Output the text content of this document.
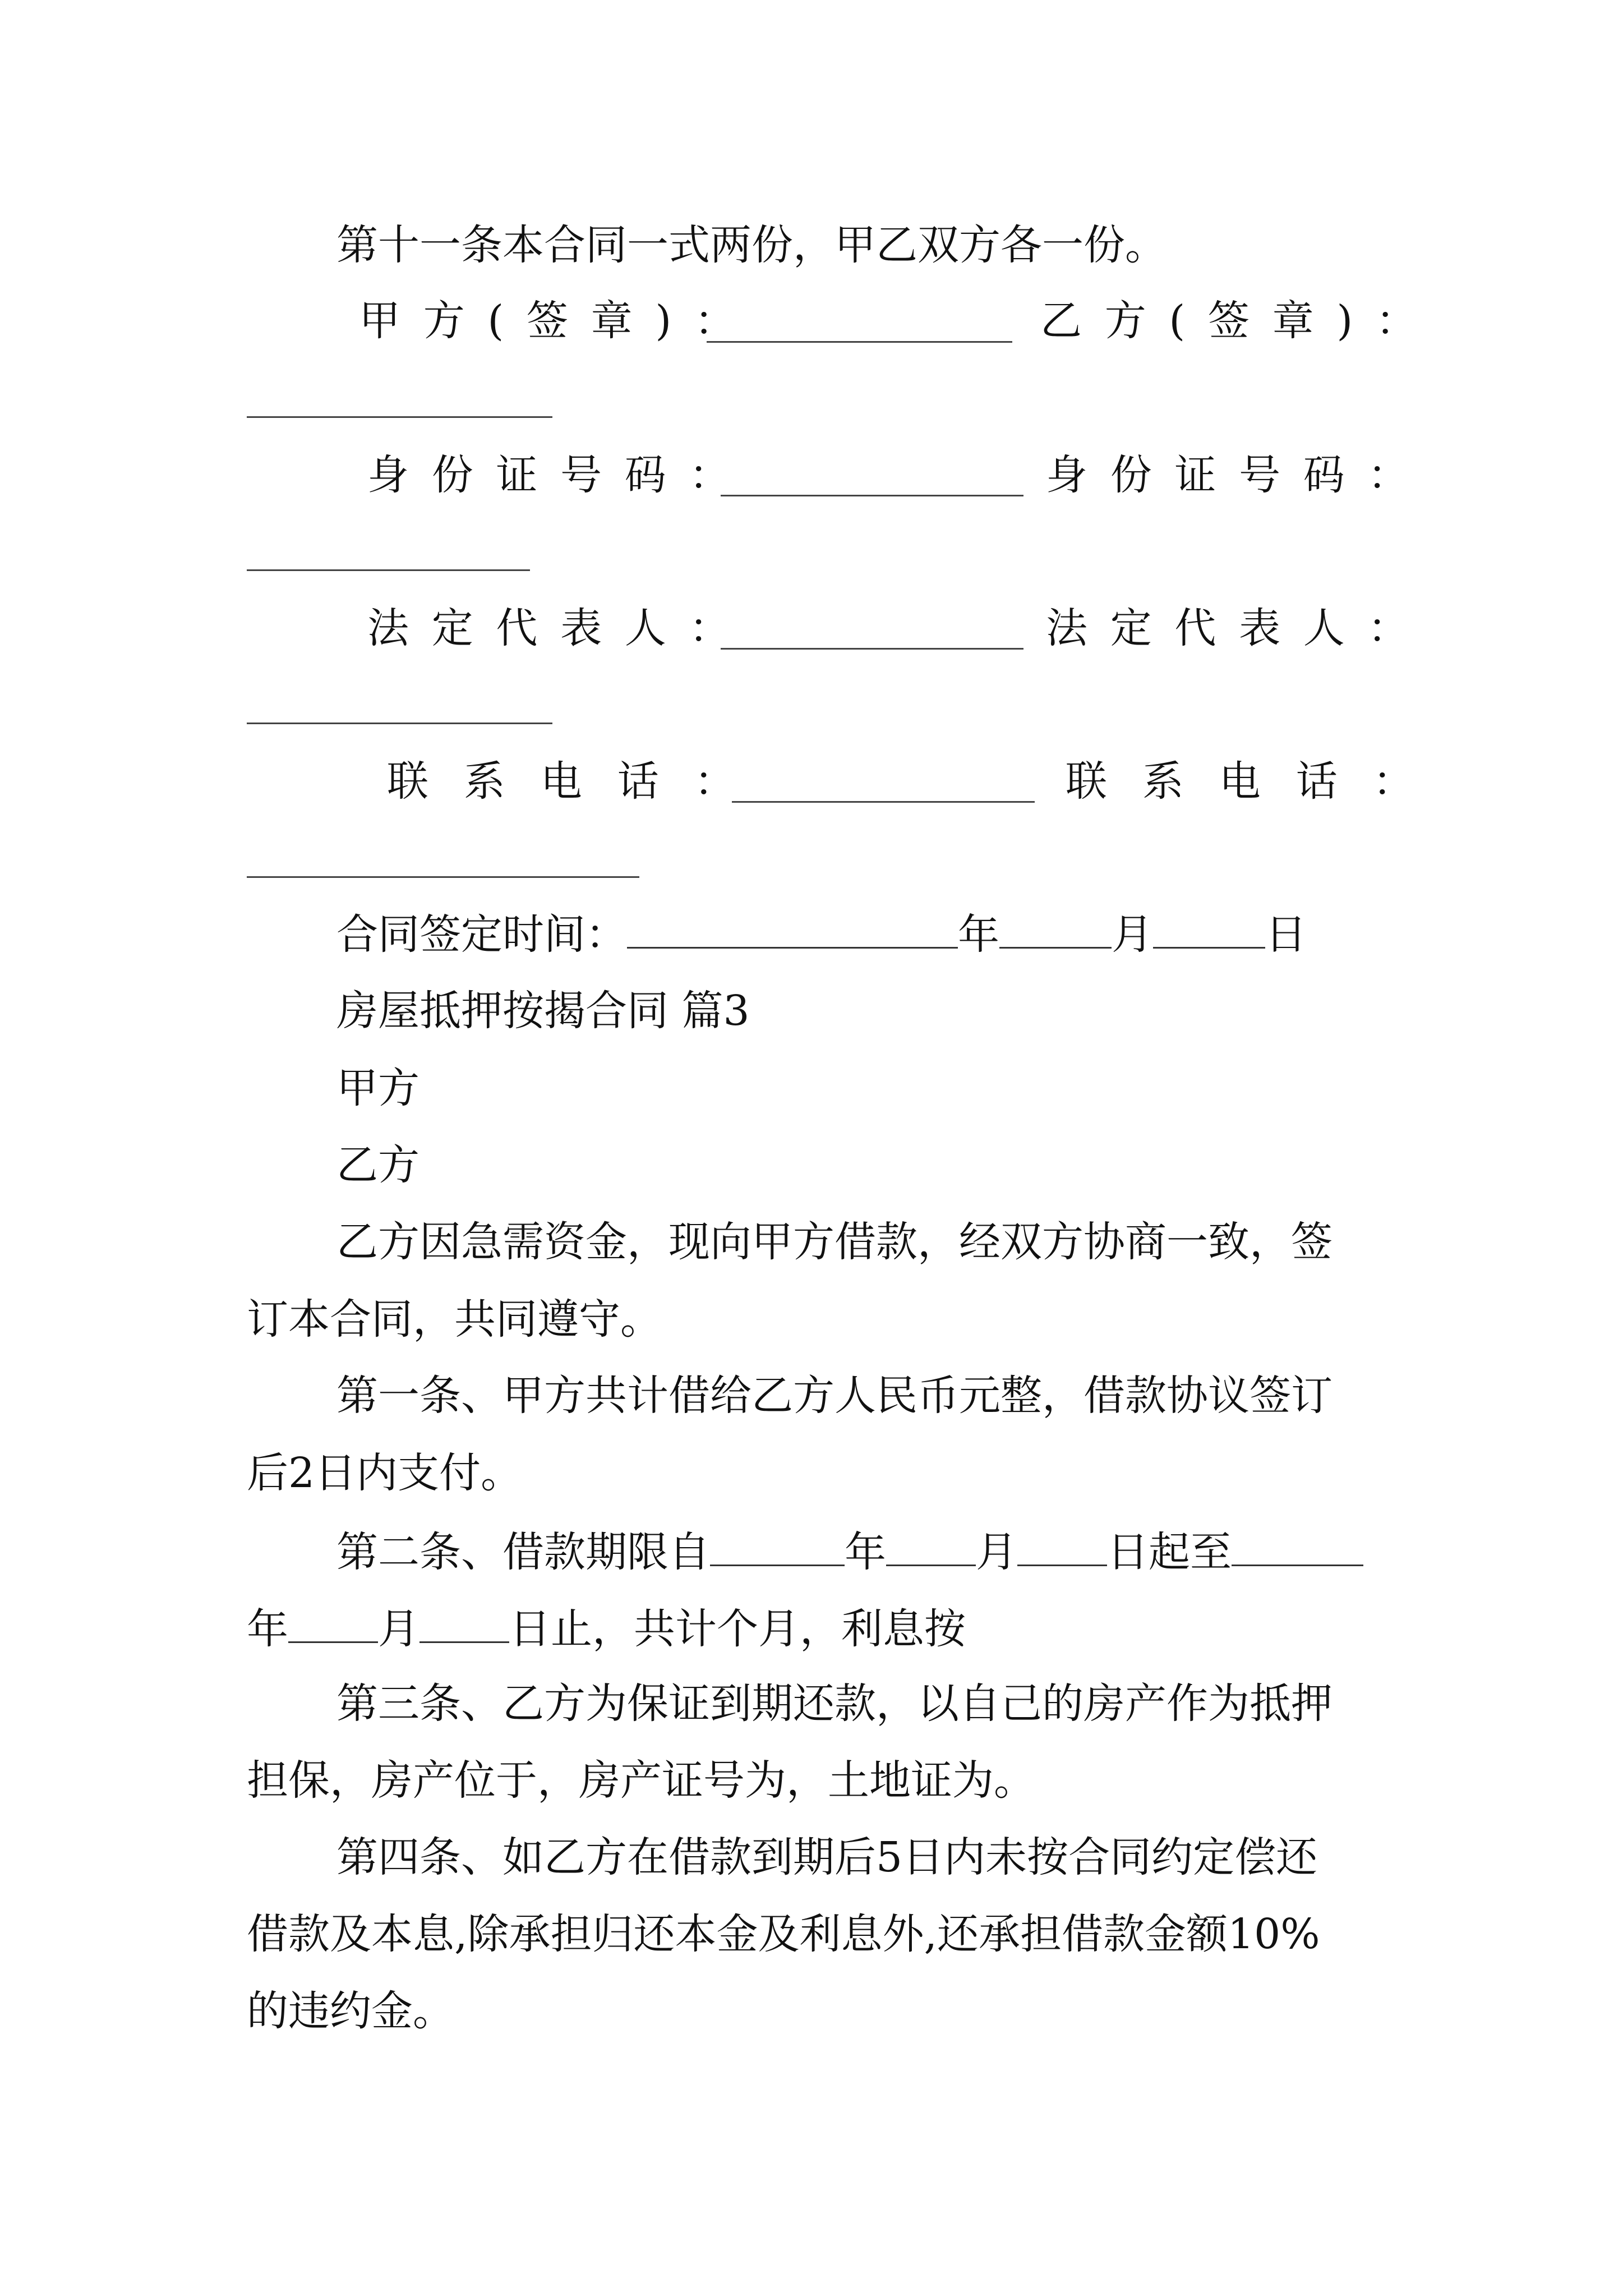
第十一条本合同一式两份，甲乙双方各一份。
甲方(签章)：	乙方(签章)：
身份证号码：	身份证号码：
法定代表人：	法定代表人：
联系电话：	联系电话：
合同签定时间：	年	月	日
房屋抵押按揭合同 篇3
甲方
乙方
乙方因急需资金，现向甲方借款，经双方协商一致，签
订本合同，共同遵守。
第一条、甲方共计借给乙方人民币元整，借款协议签订
后2日内支付。
第二条、借款期限自	年 月 日起至
年 月 日止，共计个月，利息按
第三条、乙方为保证到期还款，以自己的房产作为抵押
担保，房产位于，房产证号为，土地证为。
第四条、如乙方在借款到期后5日内未按合同约定偿还
借款及本息,除承担归还本金及利息外,还承担借款金额10%
的违约金。
